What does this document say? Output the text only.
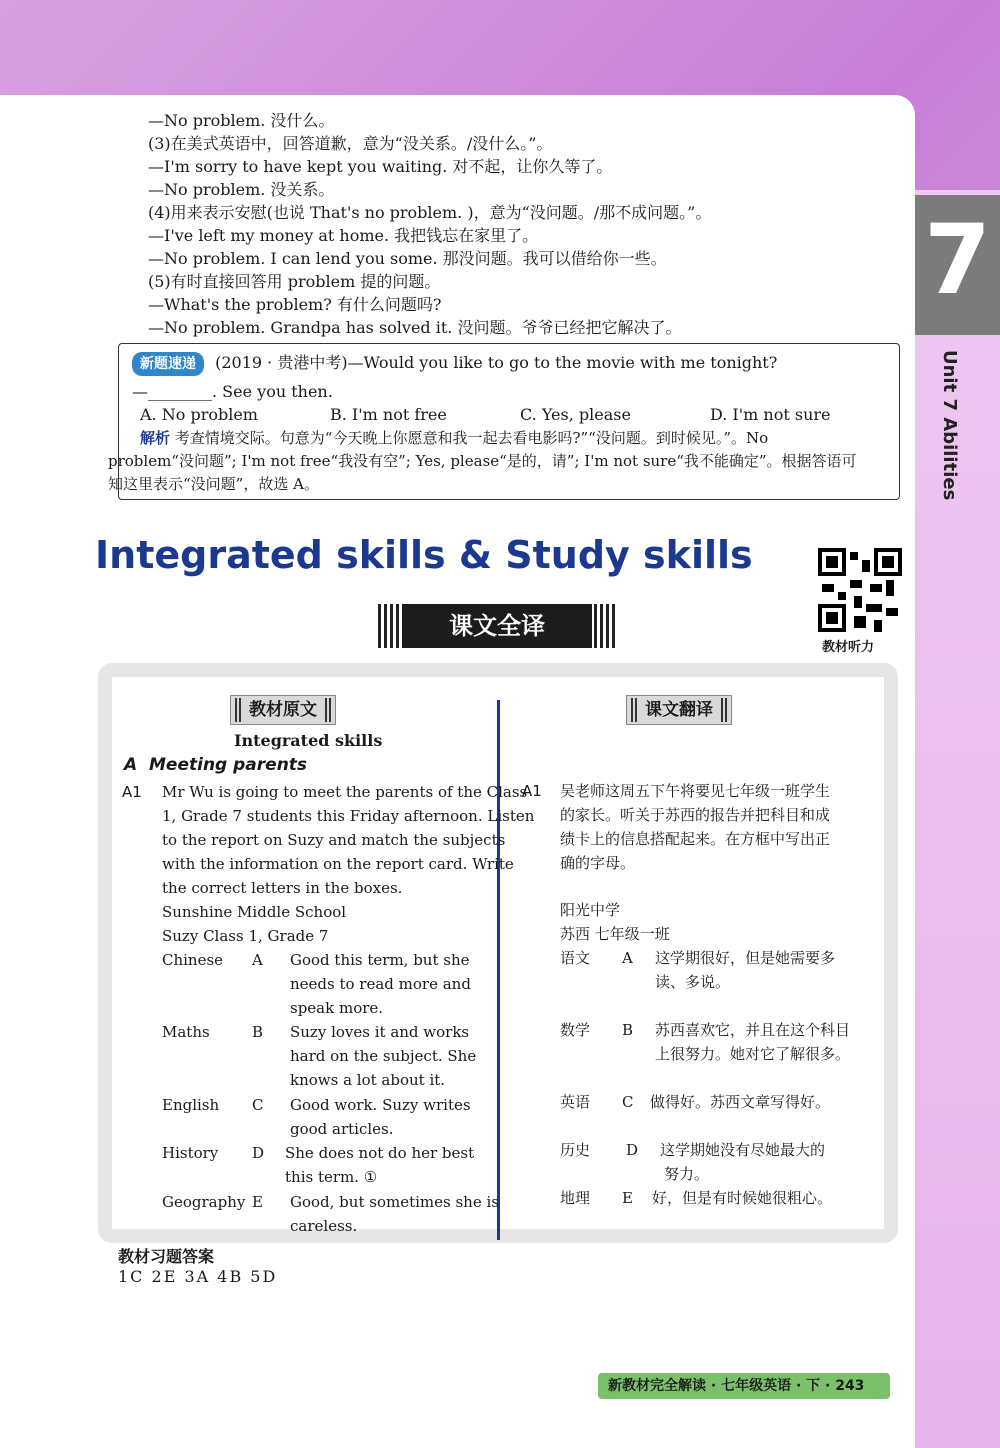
7
Unit 7 Abilities
—No problem. 没什么。
(3)在美式英语中，回答道歉，意为“没关系。/没什么。”。
—I'm sorry to have kept you waiting. 对不起，让你久等了。
—No problem. 没关系。
(4)用来表示安慰(也说 That's no problem. )，意为“没问题。/那不成问题。”。
—I've left my money at home. 我把钱忘在家里了。
—No problem. I can lend you some. 那没问题。我可以借给你一些。
(5)有时直接回答用 problem 提的问题。
—What's the problem? 有什么问题吗?
—No problem. Grandpa has solved it. 没问题。爷爷已经把它解决了。
新题速递 (2019 · 贵港中考)—Would you like to go to the movie with me tonight?
—________. See you then.
A. No problem	B. I'm not free	C. Yes, please	D. I'm not sure
解析 考查情境交际。句意为“今天晚上你愿意和我一起去看电影吗?”“没问题。到时候见。”。No
problem“没问题”; I'm not free“我没有空”; Yes, please“是的，请”; I'm not sure“我不能确定”。根据答语可
知这里表示“没问题”，故选 A。
Integrated skills & Study skills
教材听力
课文全译
教材原文	课文翻译
Integrated skills
A Meeting parents
A1 Mr Wu is going to meet the parents of the Class
1, Grade 7 students this Friday afternoon. Listen
to the report on Suzy and match the subjects
with the information on the report card. Write
the correct letters in the boxes.
Sunshine Middle School
Suzy Class 1, Grade 7
Chinese A Good this term, but she
needs to read more and
speak more.
Maths	B Suzy loves it and works
hard on the subject. She
knows a lot about it.
English C Good work. Suzy writes
good articles.
History D She does not do her best
this term. ①
Geography E Good, but sometimes she is
careless.
A1 吴老师这周五下午将要见七年级一班学生
的家长。听关于苏西的报告并把科目和成
绩卡上的信息搭配起来。在方框中写出正
确的字母。
阳光中学
苏西 七年级一班
语文 A 这学期很好，但是她需要多
读、多说。
数学 B 苏西喜欢它，并且在这个科目
上很努力。她对它了解很多。
英语 C 做得好。苏西文章写得好。
历史 D 这学期她没有尽她最大的
努力。
地理 E 好，但是有时候她很粗心。
教材习题答案
1C 2E 3A 4B 5D
新教材完全解读 · 七年级英语 · 下 · 243
